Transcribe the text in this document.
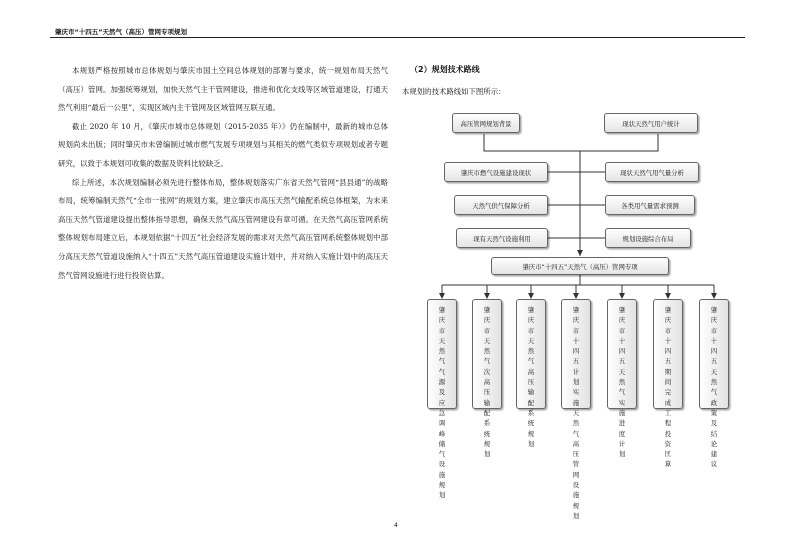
肇庆市“十四五”天然气（高压）管网专项规划

本规划严格按照城市总体规划与肇庆市国土空间总体规划的部署与要求，统一规划布局天然气（高压）管网。加强统筹规划，加快天然气主干管网建设，推进和优化支线等区域管道建设，打通天然气利用“最后一公里”，实现区域内主干管网及区域管网互联互通。

截止 2020 年 10 月，《肇庆市城市总体规划（2015-2035 年）》仍在编制中，最新的城市总体规划尚未出版；同时肇庆市未曾编制过城市燃气发展专项规划与其相关的燃气类似专项规划或者专题研究，以致于本规划可收集的数据及资料比较缺乏。

综上所述，本次规划编制必须先进行整体布局，整体规划落实广东省天然气管网“县县通”的战略布局，统筹编制天然气“全市一张网”的规划方案，建立肇庆市高压天然气输配系统总体框架，为未来高压天然气管道建设提出整体指导思想，确保天然气高压管网建设有章可循。在天然气高压管网系统整体规划布局建立后，本规划依据“十四五”社会经济发展的需求对天然气高压管网系统整体规划中部分高压天然气管道设施纳入“十四五”天然气高压管道建设实施计划中，并对纳入实施计划中的高压天然气管网设施进行进行投资估算。

（2）规划技术路线
本规划的技术路线如下图所示：
高压管网规划背景	现状天然气用户统计
肇庆市燃气设施建设现状
天然气供气保障分析
现有天然气设施利用
现状天然气用气量分析
各类用气量需求预测
规划设施综合布局
肇庆市“十四五”天然气（高压）管网专项
肇庆市天然气气源及应急调峰储气设施规划
肇庆市天然气次高压输配系统规划
肇庆市天然气高压输配系统规划
肇庆市十四五计划实施天然气高压管网设施规划
肇庆市十四五天然气实施进度计划
肇庆市十四五期间完成工程投资匡算
肇庆市十四五天然气政策及结论建议
4
